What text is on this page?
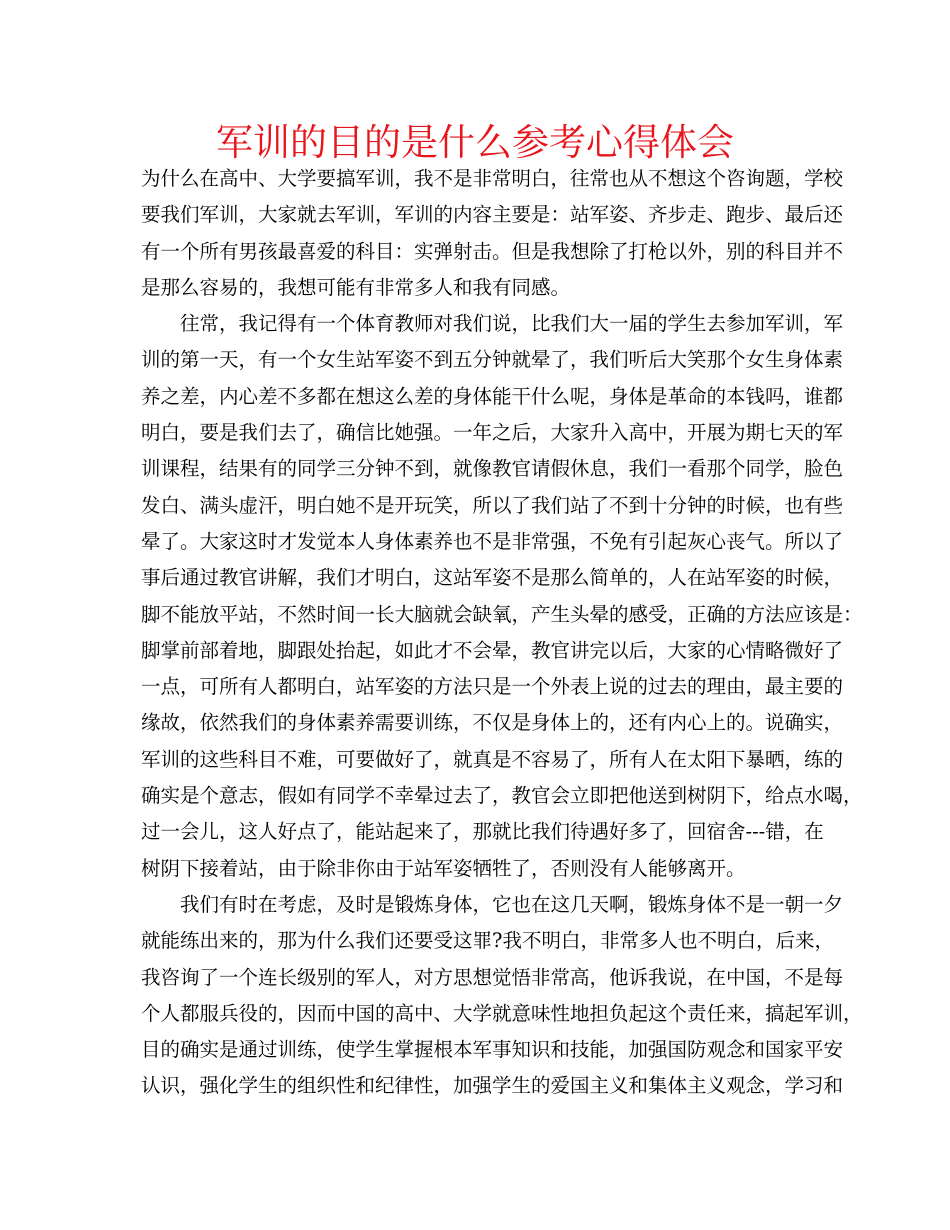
军训的目的是什么参考心得体会

为什么在高中、大学要搞军训，我不是非常明白，往常也从不想这个咨询题，学校
要我们军训，大家就去军训，军训的内容主要是：站军姿、齐步走、跑步、最后还
有一个所有男孩最喜爱的科目：实弹射击。但是我想除了打枪以外，别的科目并不
是那么容易的，我想可能有非常多人和我有同感。

往常，我记得有一个体育教师对我们说，比我们大一届的学生去参加军训，军
训的第一天，有一个女生站军姿不到五分钟就晕了，我们听后大笑那个女生身体素
养之差，内心差不多都在想这么差的身体能干什么呢，身体是革命的本钱吗，谁都
明白，要是我们去了，确信比她强。一年之后，大家升入高中，开展为期七天的军
训课程，结果有的同学三分钟不到，就像教官请假休息，我们一看那个同学，脸色
发白、满头虚汗，明白她不是开玩笑，所以了我们站了不到十分钟的时候，也有些
晕了。大家这时才发觉本人身体素养也不是非常强，不免有引起灰心丧气。所以了
事后通过教官讲解，我们才明白，这站军姿不是那么简单的，人在站军姿的时候，
脚不能放平站，不然时间一长大脑就会缺氧，产生头晕的感受，正确的方法应该是：
脚掌前部着地，脚跟处抬起，如此才不会晕，教官讲完以后，大家的心情略微好了
一点，可所有人都明白，站军姿的方法只是一个外表上说的过去的理由，最主要的
缘故，依然我们的身体素养需要训练，不仅是身体上的，还有内心上的。说确实，
军训的这些科目不难，可要做好了，就真是不容易了，所有人在太阳下暴晒，练的
确实是个意志，假如有同学不幸晕过去了，教官会立即把他送到树阴下，给点水喝，
过一会儿，这人好点了，能站起来了，那就比我们待遇好多了，回宿舍---错，在
树阴下接着站，由于除非你由于站军姿牺牲了，否则没有人能够离开。

我们有时在考虑，及时是锻炼身体，它也在这几天啊，锻炼身体不是一朝一夕
就能练出来的，那为什么我们还要受这罪?我不明白，非常多人也不明白，后来，
我咨询了一个连长级别的军人，对方思想觉悟非常高，他诉我说，在中国，不是每
个人都服兵役的，因而中国的高中、大学就意味性地担负起这个责任来，搞起军训，
目的确实是通过训练，使学生掌握根本军事知识和技能，加强国防观念和国家平安
认识，强化学生的组织性和纪律性，加强学生的爱国主义和集体主义观念，学习和
